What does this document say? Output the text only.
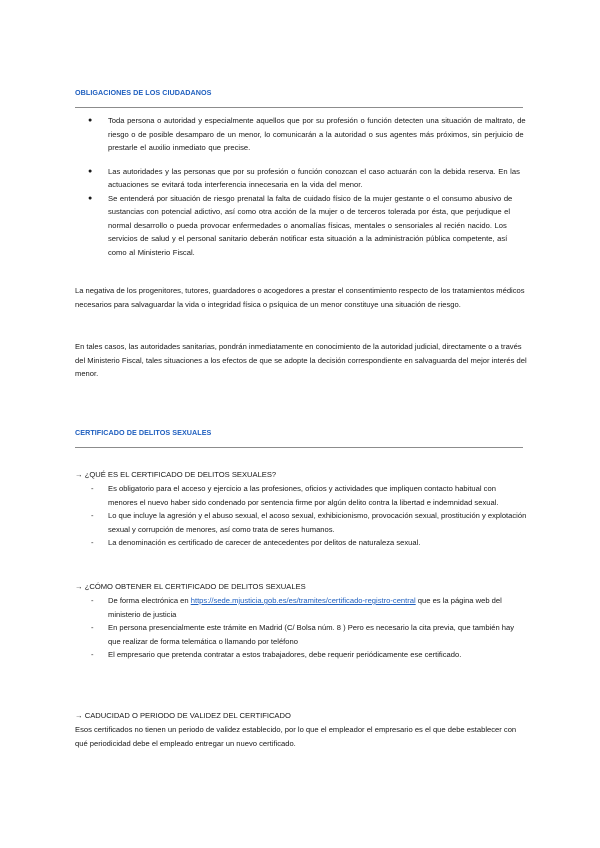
OBLIGACIONES DE LOS CIUDADANOS
● Toda persona o autoridad y especialmente aquellos que por su profesión o función detecten una situación de maltrato, de riesgo o de posible desamparo de un menor, lo comunicarán a la autoridad o sus agentes más próximos, sin perjuicio de prestarle el auxilio inmediato que precise.
● Las autoridades y las personas que por su profesión o función conozcan el caso actuarán con la debida reserva. En las actuaciones se evitará toda interferencia innecesaria en la vida del menor.
● Se entenderá por situación de riesgo prenatal la falta de cuidado físico de la mujer gestante o el consumo abusivo de sustancias con potencial adictivo, así como otra acción de la mujer o de terceros tolerada por ésta, que perjudique el normal desarrollo o pueda provocar enfermedades o anomalías físicas, mentales o sensoriales al recién nacido. Los servicios de salud y el personal sanitario deberán notificar esta situación a la administración pública competente, así como al Ministerio Fiscal.

La negativa de los progenitores, tutores, guardadores o acogedores a prestar el consentimiento respecto de los tratamientos médicos necesarios para salvaguardar la vida o integridad física o psíquica de un menor constituye una situación de riesgo.

En tales casos, las autoridades sanitarias, pondrán inmediatamente en conocimiento de la autoridad judicial, directamente o a través del Ministerio Fiscal, tales situaciones a los efectos de que se adopte la decisión correspondiente en salvaguarda del mejor interés del menor.

CERTIFICADO DE DELITOS SEXUALES
→ ¿QUÉ ES EL CERTIFICADO DE DELITOS SEXUALES?
- Es obligatorio para el acceso y ejercicio a las profesiones, oficios y actividades que impliquen contacto habitual con menores el nuevo haber sido condenado por sentencia firme por algún delito contra la libertad e indemnidad sexual.
- Lo que incluye la agresión y el abuso sexual, el acoso sexual, exhibicionismo, provocación sexual, prostitución y explotación sexual y corrupción de menores, así como trata de seres humanos.
- La denominación es certificado de carecer de antecedentes por delitos de naturaleza sexual.
→ ¿CÓMO OBTENER EL CERTIFICADO DE DELITOS SEXUALES
- De forma electrónica en https://sede.mjusticia.gob.es/es/tramites/certificado-registro-central que es la página web del ministerio de justicia
- En persona presencialmente este trámite en Madrid (C/ Bolsa núm. 8 ) Pero es necesario la cita previa, que también hay que realizar de forma telemática o llamando por teléfono
- El empresario que pretenda contratar a estos trabajadores, debe requerir periódicamente ese certificado.
→ CADUCIDAD O PERIODO DE VALIDEZ DEL CERTIFICADO

Esos certificados no tienen un periodo de validez establecido, por lo que el empleador el empresario es el que debe establecer con qué periodicidad debe el empleado entregar un nuevo certificado.
